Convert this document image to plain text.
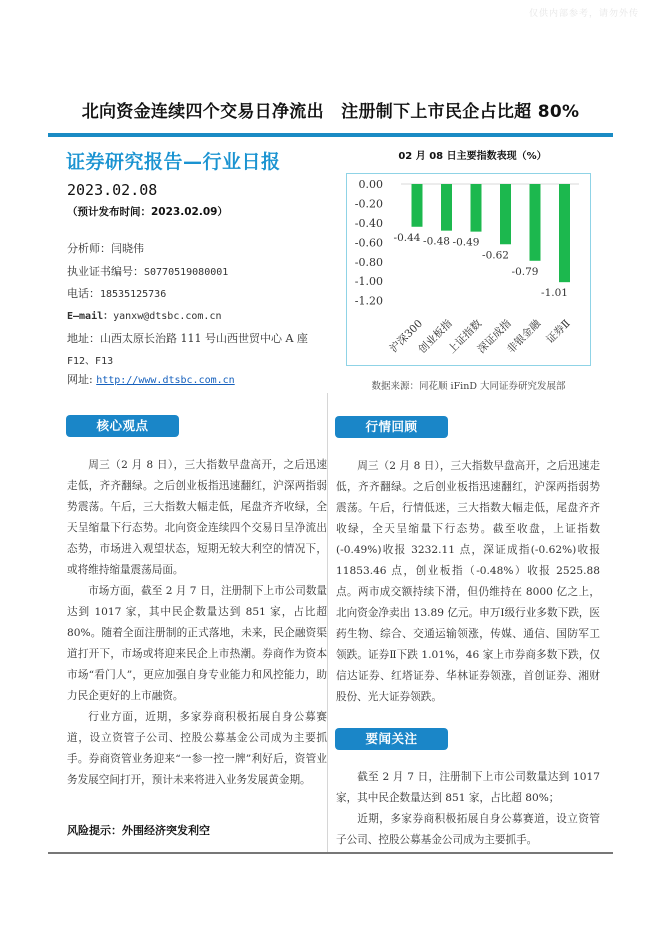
仅供内部参考，请勿外传
北向资金连续四个交易日净流出　注册制下上市民企占比超 80%
证券研究报告—行业日报
2023.02.08
（预计发布时间：2023.02.09）
分析师：闫晓伟
执业证书编号：S0770519080001
电话：18535125736
E—mail：yanxw@dtsbc.com.cn
地址：山西太原长治路 111 号山西世贸中心 A 座
F12、F13
网址: http://www.dtsbc.com.cn
02 月 08 日主要指数表现（%）
0.00
-0.20
-0.40
-0.60
-0.80
-1.00
-1.20
-0.44
沪深300
-0.48
创业板指
-0.49
上证指数
-0.62
深证成指
-0.79
非银金融
-1.01
证券Ⅱ
数据来源：同花顺 iFinD 大同证券研究发展部
核心观点
周三（2 月 8 日），三大指数早盘高开，之后迅速走低，齐齐翻绿。之后创业板指迅速翻红，沪深两指弱势震荡。午后，三大指数大幅走低，尾盘齐齐收绿，全天呈缩量下行态势。北向资金连续四个交易日呈净流出态势，市场进入观望状态，短期无较大利空的情况下，或将维持缩量震荡局面。
市场方面，截至 2 月 7 日，注册制下上市公司数量达到 1017 家，其中民企数量达到 851 家，占比超 80%。随着全面注册制的正式落地，未来，民企融资渠道打开下，市场或将迎来民企上市热潮。券商作为资本市场“看门人”，更应加强自身专业能力和风控能力，助力民企更好的上市融资。
行业方面，近期，多家券商积极拓展自身公募赛道，设立资管子公司、控股公募基金公司成为主要抓手。券商资管业务迎来“一参一控一牌”利好后，资管业务发展空间打开，预计未来将进入业务发展黄金期。
风险提示：外围经济突发利空
行情回顾
周三（2 月 8 日），三大指数早盘高开，之后迅速走低，齐齐翻绿。之后创业板指迅速翻红，沪深两指弱势震荡。午后，行情低迷，三大指数大幅走低，尾盘齐齐收绿，全天呈缩量下行态势。截至收盘，上证指数(-0.49%)收报 3232.11 点，深证成指(-0.62%)收报 11853.46 点，创业板指（-0.48%）收报 2525.88 点。两市成交额持续下滑，但仍维持在 8000 亿之上，北向资金净卖出 13.89 亿元。申万Ⅰ级行业多数下跌，医药生物、综合、交通运输领涨，传媒、通信、国防军工领跌。证券Ⅱ下跌 1.01%，46 家上市券商多数下跌，仅信达证券、红塔证券、华林证券领涨，首创证券、湘财股份、光大证券领跌。
要闻关注
截至 2 月 7 日，注册制下上市公司数量达到 1017 家，其中民企数量达到 851 家，占比超 80%；
近期，多家券商积极拓展自身公募赛道，设立资管子公司、控股公募基金公司成为主要抓手。
